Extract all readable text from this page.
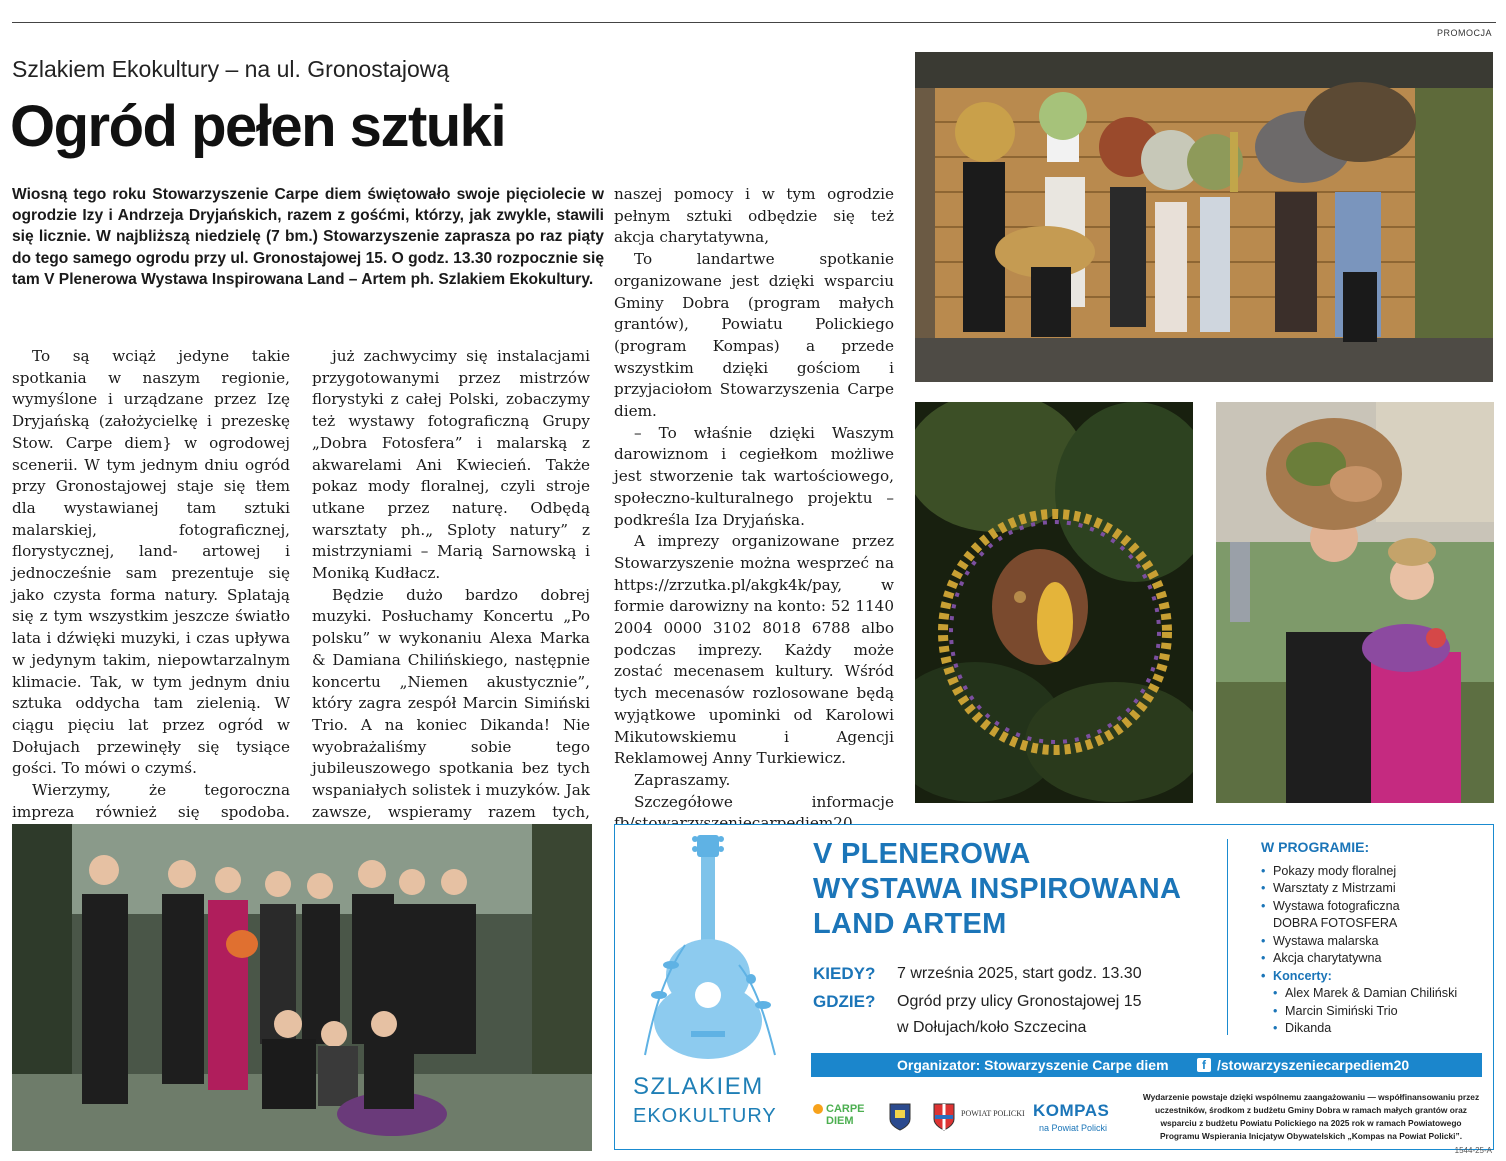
PROMOCJA
Szlakiem Ekokultury – na ul. Gronostajową
Ogród pełen sztuki
Wiosną tego roku Stowarzyszenie Carpe diem świętowało swoje pięciolecie w ogrodzie Izy i Andrzeja Dryjańskich, razem z gośćmi, którzy, jak zwykle, stawili się licznie. W najbliższą niedzielę (7 bm.) Stowarzyszenie zaprasza po raz piąty do tego samego ogrodu przy ul. Gronostajowej 15. O godz. 13.30 rozpocznie się tam V Plenerowa Wystawa Inspirowana Land – Artem ph. Szlakiem Ekokultury.

To są wciąż jedyne takie spotkania w naszym regionie, wymyślone i urządzane przez Izę Dryjańską (założycielkę i prezeskę Stow. Carpe diem} w ogrodowej scenerii. W tym jednym dniu ogród przy Gronostajowej staje się tłem dla wystawianej tam sztuki malarskiej, fotograficznej, florystycznej, land- artowej i jednocześnie sam prezentuje się jako czysta forma natury. Splatają się z tym wszystkim jeszcze światło lata i dźwięki muzyki, i czas upływa w jedynym takim, niepowtarzalnym klimacie. Tak, w tym jednym dniu sztuka oddycha tam zielenią. W ciągu pięciu lat przez ogród w Dołujach przewinęły się tysiące gości. To mówi o czymś.

Wierzymy, że tegoroczna impreza również się spodoba.

już zachwycimy się instalacjami przygotowanymi przez mistrzów florystyki z całej Polski, zobaczymy też wystawy fotograficzną Grupy „Dobra Fotosfera” i malarską z akwarelami Ani Kwiecień. Także pokaz mody floralnej, czyli stroje utkane przez naturę. Odbędą warsztaty ph.„ Sploty natury” z mistrzyniami – Marią Sarnowską i Moniką Kudłacz.

Będzie dużo bardzo dobrej muzyki. Posłuchamy Koncertu „Po polsku” w wykonaniu Alexa Marka & Damiana Chilińskiego, następnie koncertu „Niemen akustycznie”, który zagra zespół Marcin Simiński Trio. A na koniec Dikanda! Nie wyobrażaliśmy sobie tego jubileuszowego spotkania bez tych wspaniałych solistek i muzyków. Jak zawsze, wspieramy razem tych,

naszej pomocy i w tym ogrodzie pełnym sztuki odbędzie się też akcja charytatywna,

To landartwe spotkanie organizowane jest dzięki wsparciu Gminy Dobra (program małych grantów), Powiatu Polickiego (program Kompas) a przede wszystkim dzięki gościom i przyjaciołom Stowarzyszenia Carpe diem.

– To właśnie dzięki Waszym darowiznom i cegiełkom możliwe jest stworzenie tak wartościowego, społeczno-kulturalnego projektu – podkreśla Iza Dryjańska.

A imprezy organizowane przez Stowarzyszenie można wesprzeć na https://zrzutka.pl/akgk4k/pay, w formie darowizny na konto: 52 1140 2004 0000 3102 8018 6788 albo podczas imprezy. Każdy może zostać mecenasem kultury. Wśród tych mecenasów rozlosowane będą wyjątkowe upominki od Karolowi Mikutowskiemu i Agencji Reklamowej Anny Turkiewicz.

Zapraszamy.

Szczegółowe informacje

SZLAKIEM
EKOKULTURY
V PLENEROWA
WYSTAWA INSPIROWANA
LAND ARTEM
KIEDY? 7 września 2025, start godz. 13.30
GDZIE? Ogród przy ulicy Gronostajowej 15
w Dołujach/koło Szczecina
W PROGRAMIE:
• Pokazy mody floralnej
• Warsztaty z Mistrzami
• Wystawa fotograficzna
DOBRA FOTOSFERA
• Wystawa malarska
• Akcja charytatywna
• Koncerty:
• Alex Marek & Damian Chiliński
• Marcin Simiński Trio
• Dikanda
Organizator: Stowarzyszenie Carpe diem	f /stowarzyszeniecarpediem20
CARPE
DIEM
POWIAT POLICKI KOMPAS
na Powiat Policki
Wydarzenie powstaje dzięki wspólnemu zaangażowaniu — współfinansowaniu przez uczestników, środkom z budżetu Gminy Dobra w ramach małych grantów oraz wsparciu z budżetu Powiatu Polickiego na 2025 rok w ramach Powiatowego Programu Wspierania Inicjatyw Obywatelskich „Kompas na Powiat Policki”.
1544-25-A
